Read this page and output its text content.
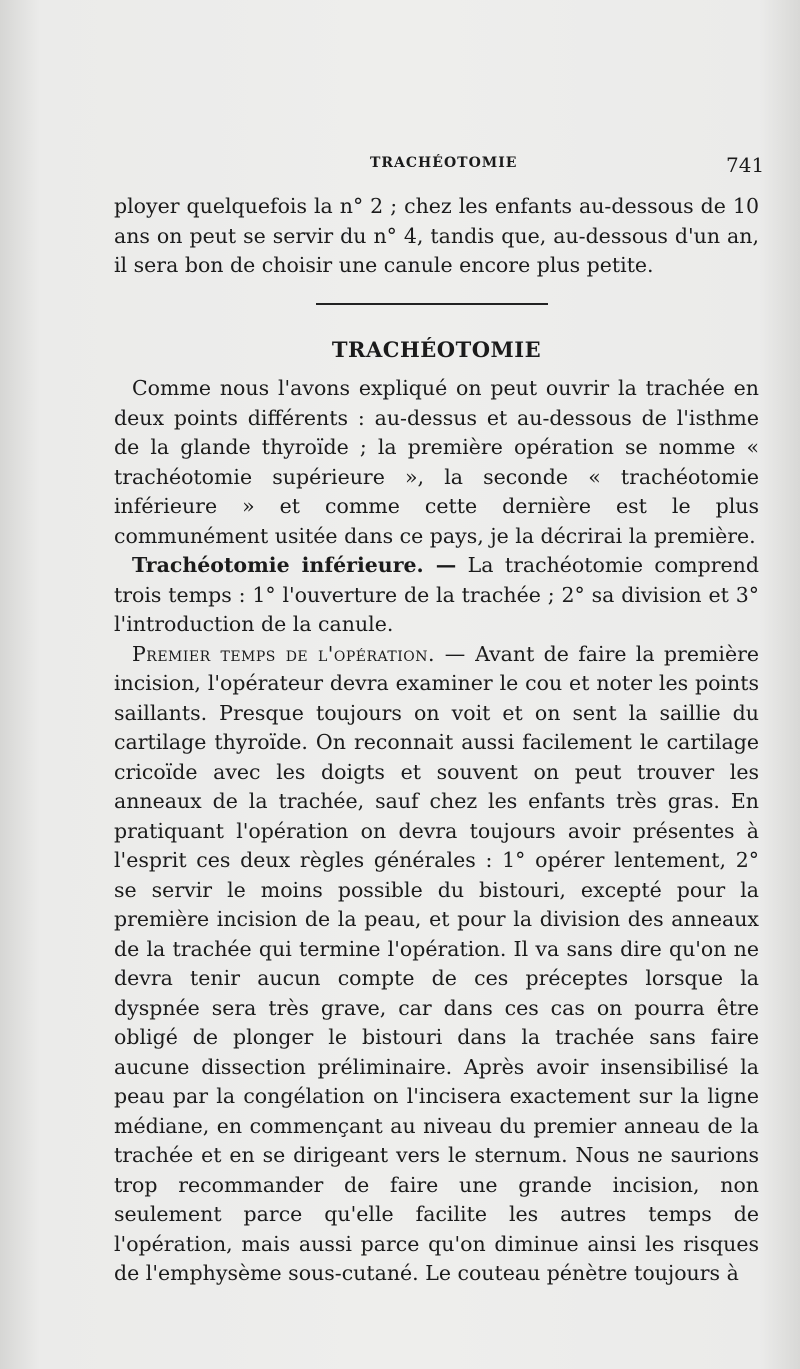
TRACHÉOTOMIE	741

ployer quelquefois la n° 2 ; chez les enfants au-dessous de 10 ans on peut se servir du n° 4, tandis que, au-dessous d'un an, il sera bon de choisir une canule encore plus petite.

TRACHÉOTOMIE

Comme nous l'avons expliqué on peut ouvrir la trachée en deux points différents : au-dessus et au-dessous de l'isthme de la glande thyroïde ; la première opération se nomme « trachéotomie supérieure », la seconde « trachéotomie inférieure » et comme cette dernière est le plus communément usitée dans ce pays, je la décrirai la première.

Trachéotomie inférieure. — La trachéotomie comprend trois temps : 1° l'ouverture de la trachée ; 2° sa division et 3° l'introduction de la canule.

Premier temps de l'opération. — Avant de faire la première incision, l'opérateur devra examiner le cou et noter les points saillants. Presque toujours on voit et on sent la saillie du cartilage thyroïde. On reconnait aussi facilement le cartilage cricoïde avec les doigts et souvent on peut trouver les anneaux de la trachée, sauf chez les enfants très gras. En pratiquant l'opération on devra toujours avoir présentes à l'esprit ces deux règles générales : 1° opérer lentement, 2° se servir le moins possible du bistouri, excepté pour la première incision de la peau, et pour la division des anneaux de la trachée qui termine l'opération. Il va sans dire qu'on ne devra tenir aucun compte de ces préceptes lorsque la dyspnée sera très grave, car dans ces cas on pourra être obligé de plonger le bistouri dans la trachée sans faire aucune dissection préliminaire. Après avoir insensibilisé la peau par la congélation on l'incisera exactement sur la ligne médiane, en commençant au niveau du premier anneau de la trachée et en se dirigeant vers le sternum. Nous ne saurions trop recommander de faire une grande incision, non seulement parce qu'elle facilite les autres temps de l'opération, mais aussi parce qu'on diminue ainsi les risques de l'emphysème sous-cutané. Le couteau pénètre toujours à
